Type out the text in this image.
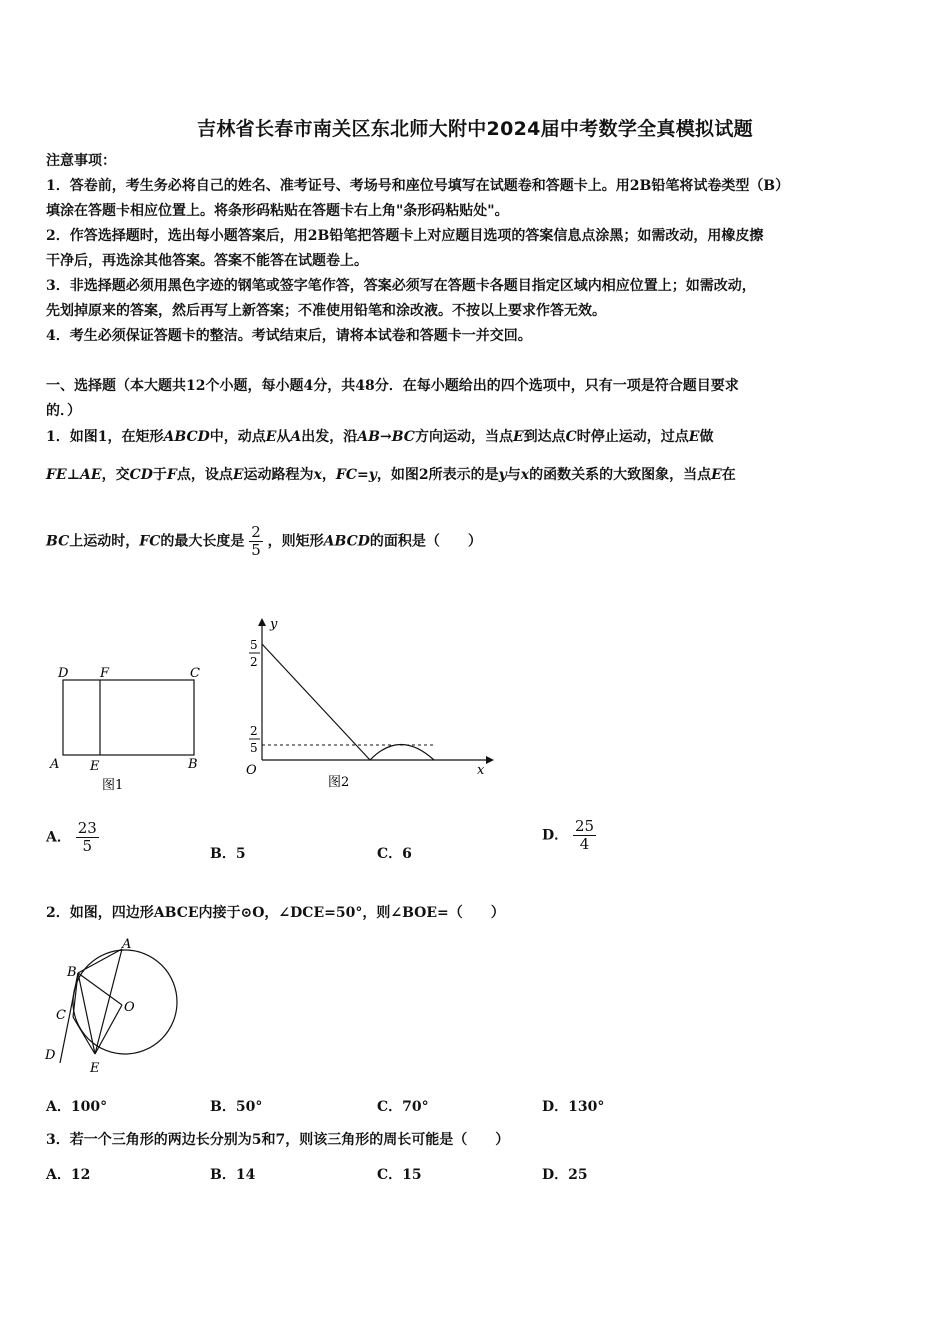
吉林省长春市南关区东北师大附中2024届中考数学全真模拟试题
注意事项：
1．答卷前，考生务必将自己的姓名、准考证号、考场号和座位号填写在试题卷和答题卡上。用2B铅笔将试卷类型（B）
填涂在答题卡相应位置上。将条形码粘贴在答题卡右上角"条形码粘贴处"。
2．作答选择题时，选出每小题答案后，用2B铅笔把答题卡上对应题目选项的答案信息点涂黑；如需改动，用橡皮擦
干净后，再选涂其他答案。答案不能答在试题卷上。
3．非选择题必须用黑色字迹的钢笔或签字笔作答，答案必须写在答题卡各题目指定区域内相应位置上；如需改动，
先划掉原来的答案，然后再写上新答案；不准使用铅笔和涂改液。不按以上要求作答无效。
4．考生必须保证答题卡的整洁。考试结束后，请将本试卷和答题卡一并交回。
一、选择题（本大题共12个小题，每小题4分，共48分．在每小题给出的四个选项中，只有一项是符合题目要求
的．）
1．如图1，在矩形ABCD中，动点E从A出发，沿AB→BC方向运动，当点E到达点C时停止运动，过点E做
FE⊥AE，交CD于F点，设点E运动路程为x，FC=y，如图2所表示的是y与x的函数关系的大致图象，当点E在
BC上运动时，FC的最大长度是 $\frac{2}{5}$ ，则矩形ABCD的面积是（　　）
D F	C
A E	B
图1
y
x
O
5
2
2
5
图2
A． $\frac{23}{5}$	B．5	C．6
D． $\frac{25}{4}$
2．如图，四边形ABCE内接于⊙O，∠DCE=50°，则∠BOE=（　　）
A
B
C
O
D
E
A．100°	B．50°	C．70°	D．130°
3．若一个三角形的两边长分别为5和7，则该三角形的周长可能是（　　）
A．12	B．14	C．15	D．25
